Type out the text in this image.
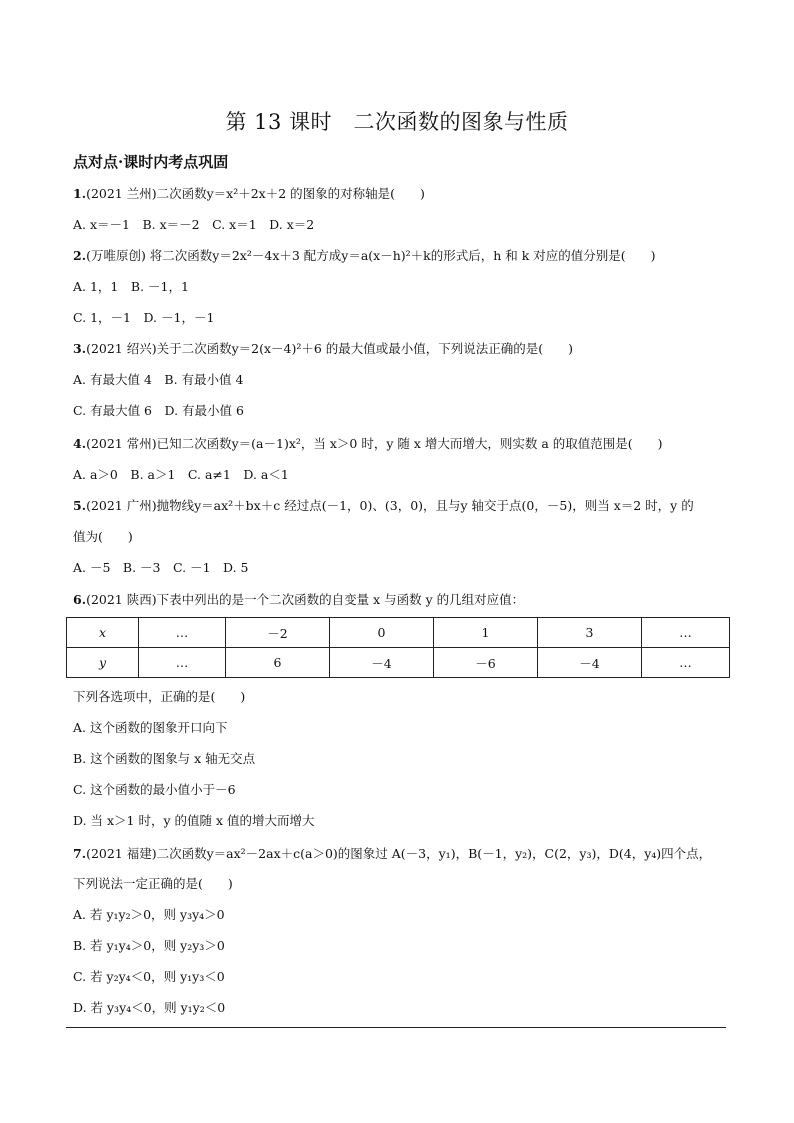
第 13 课时　二次函数的图象与性质
点对点·课时内考点巩固
1.(2021 兰州)二次函数y＝x²＋2x＋2 的图象的对称轴是(　　)
A. x＝－1　B. x＝－2　C. x＝1　D. x＝2
2.(万唯原创) 将二次函数y＝2x²－4x＋3 配方成y＝a(x－h)²＋k的形式后，h 和 k 对应的值分别是(　　)
A. 1，1　B. －1，1
C. 1，－1　D. －1，－1
3.(2021 绍兴)关于二次函数y＝2(x－4)²＋6 的最大值或最小值，下列说法正确的是(　　)
A. 有最大值 4　B. 有最小值 4
C. 有最大值 6　D. 有最小值 6
4.(2021 常州)已知二次函数y＝(a－1)x²，当 x＞0 时，y 随 x 增大而增大，则实数 a 的取值范围是(　　)
A. a＞0　B. a＞1　C. a≠1　D. a＜1
5.(2021 广州)抛物线y＝ax²＋bx＋c 经过点(－1，0)、(3，0)，且与y 轴交于点(0，－5)，则当 x＝2 时，y 的
值为(　　)
A. －5　B. －3　C. －1　D. 5
6.(2021 陕西)下表中列出的是一个二次函数的自变量 x 与函数 y 的几组对应值：
x	…	－2	0	1	3	…
y	…	6	－4	－6	－4	…
下列各选项中，正确的是(　　)
A. 这个函数的图象开口向下
B. 这个函数的图象与 x 轴无交点
C. 这个函数的最小值小于－6
D. 当 x＞1 时，y 的值随 x 值的增大而增大
7.(2021 福建)二次函数y＝ax²－2ax＋c(a＞0)的图象过 A(－3，y₁)，B(－1，y₂)，C(2，y₃)，D(4，y₄)四个点，
下列说法一定正确的是(　　)
A. 若 y₁y₂＞0，则 y₃y₄＞0
B. 若 y₁y₄＞0，则 y₂y₃＞0
C. 若 y₂y₄＜0，则 y₁y₃＜0
D. 若 y₃y₄＜0，则 y₁y₂＜0
